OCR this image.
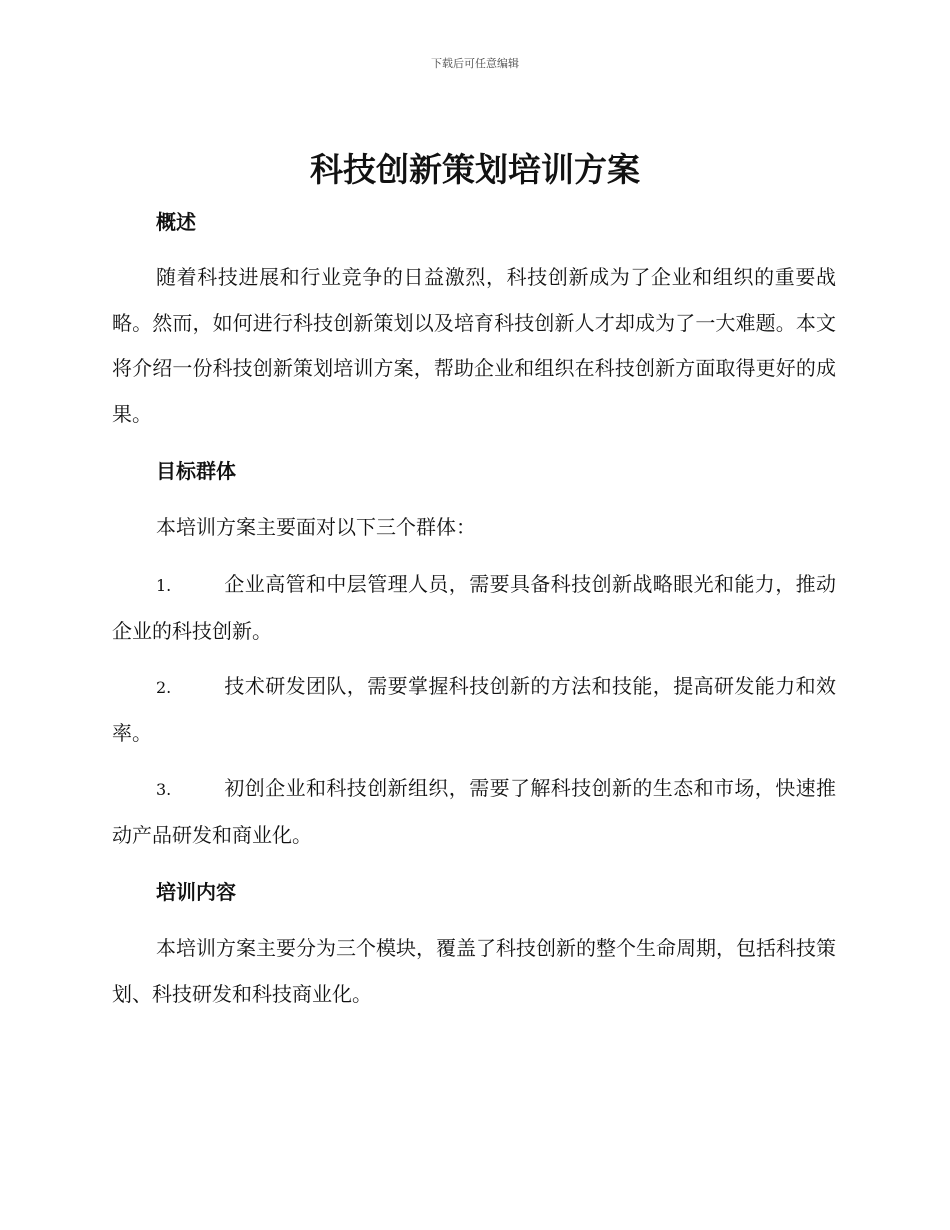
下载后可任意编辑
科技创新策划培训方案
概述
随着科技进展和行业竞争的日益激烈，科技创新成为了企业和组织的重要战略。然而，如何进行科技创新策划以及培育科技创新人才却成为了一大难题。本文将介绍一份科技创新策划培训方案，帮助企业和组织在科技创新方面取得更好的成果。
目标群体
本培训方案主要面对以下三个群体：
1.	企业高管和中层管理人员，需要具备科技创新战略眼光和能力，推动企业的科技创新。
2.	技术研发团队，需要掌握科技创新的方法和技能，提高研发能力和效率。
3.	初创企业和科技创新组织，需要了解科技创新的生态和市场，快速推动产品研发和商业化。
培训内容
本培训方案主要分为三个模块，覆盖了科技创新的整个生命周期，包括科技策划、科技研发和科技商业化。
